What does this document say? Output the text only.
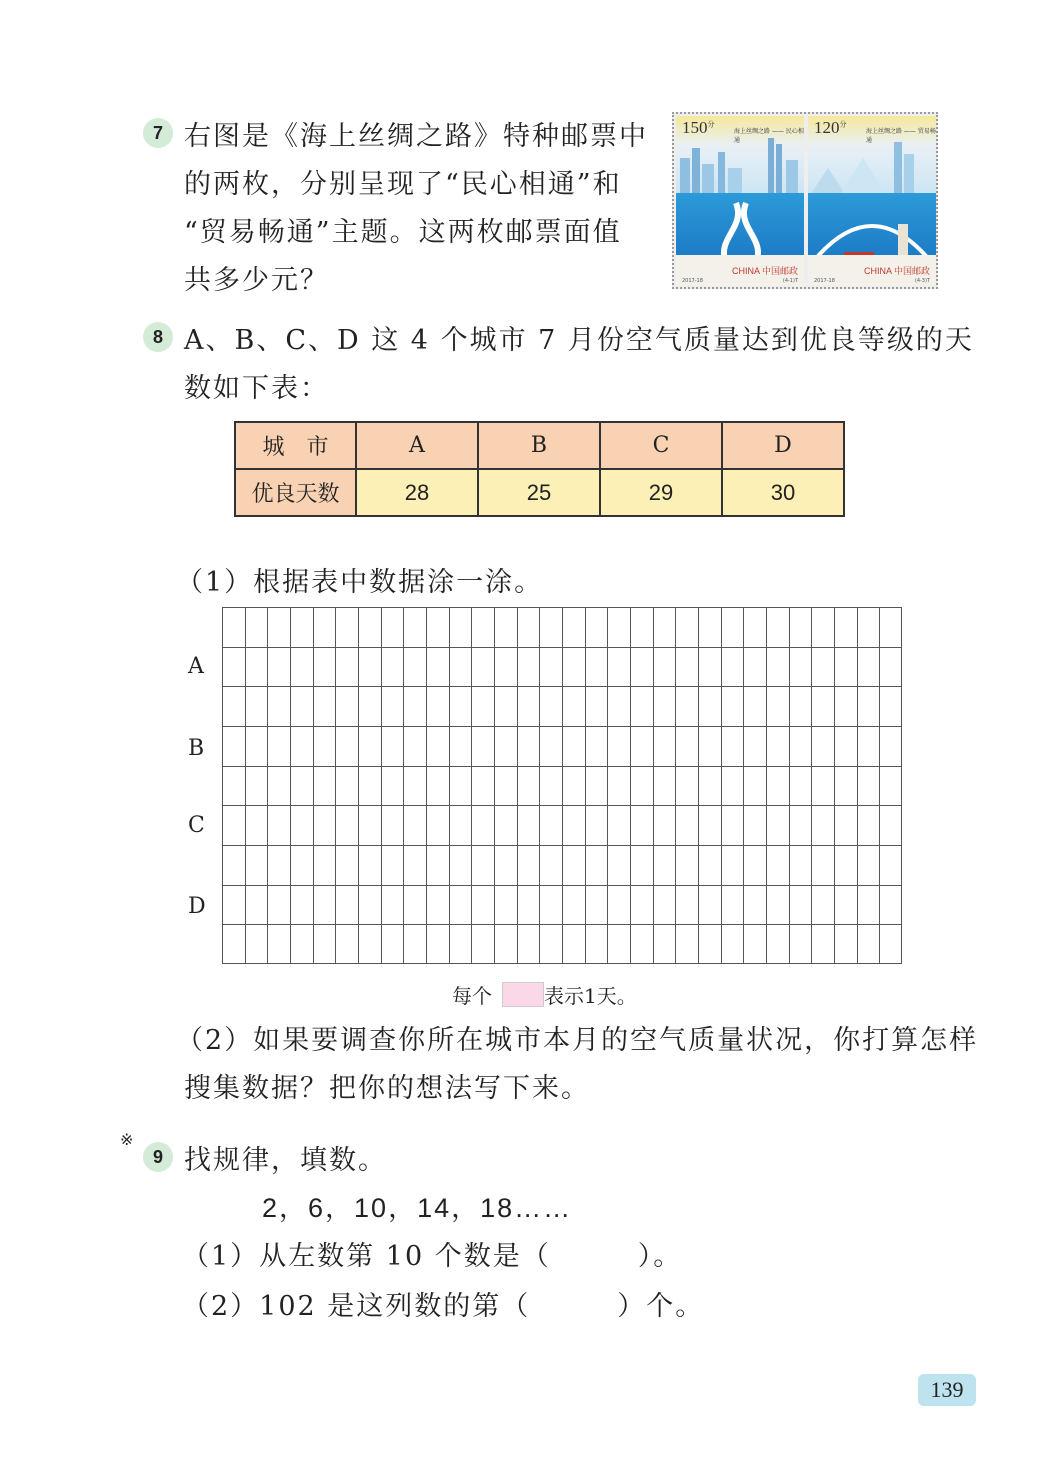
7 右图是《海上丝绸之路》特种邮票中
的两枚，分别呈现了“民心相通”和
“贸易畅通”主题。这两枚邮票面值
共多少元？
$150^分$
海上丝绸之路 —— 民心相通
CHINA 中国邮政
2017-18	(4-1)T
$120^分$
海上丝绸之路 —— 贸易畅通
CHINA 中国邮政
2017-18	(4-3)T
8 A、B、C、D 这 4 个城市 7 月份空气质量达到优良等级的天
数如下表：
城　市	A	B	C	D
优良天数	28	25	29	30
（1）根据表中数据涂一涂。
A
B
C
D
每个	表示1天。
（2）如果要调查你所在城市本月的空气质量状况，你打算怎样
搜集数据？把你的想法写下来。
※
9 找规律，填数。
2，6，10，14，18……
（1）从左数第 10 个数是（　　　）。
（2）102 是这列数的第（　　　）个。
139
